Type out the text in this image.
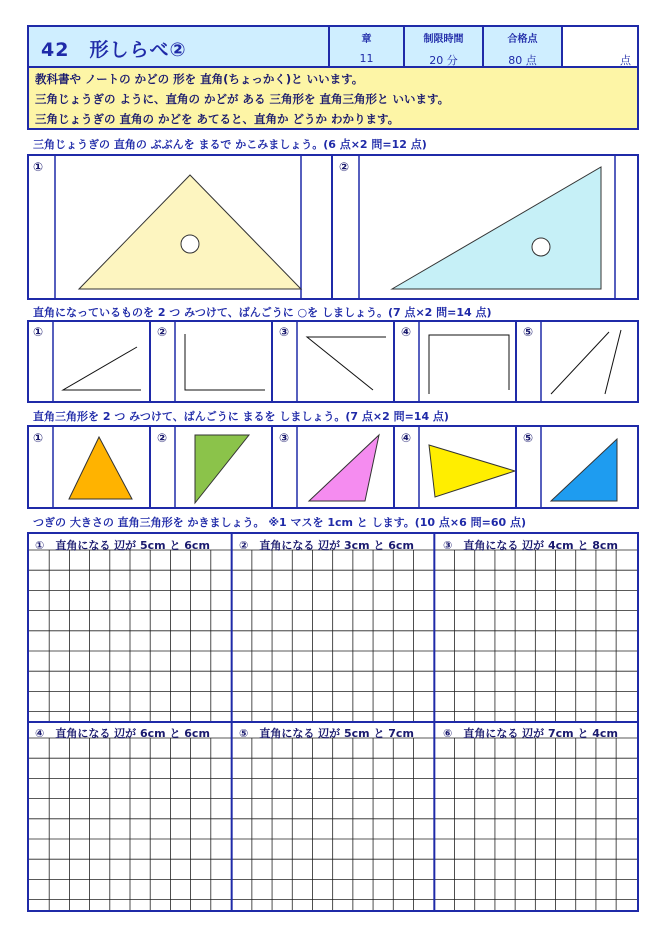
42　形しらべ②	章
11
制限時間
20 分
合格点
80 点	点
教科書や ノートの かどの 形を 直角(ちょっかく)と いいます。
三角じょうぎの ように、直角の かどが ある 三角形を 直角三角形と いいます。
三角じょうぎの 直角の かどを あてると、直角か どうか わかります。
三角じょうぎの 直角の ぶぶんを まるで かこみましょう。(6 点×2 問=12 点)
①	②
直角になっているものを 2 つ みつけて、ばんごうに ○を しましょう。(7 点×2 問=14 点)
①	②	③	④	⑤
直角三角形を 2 つ みつけて、ばんごうに まるを しましょう。(7 点×2 問=14 点)
①	②	③	④	⑤
つぎの 大きさの 直角三角形を かきましょう。 ※1 マスを 1cm と します。(10 点×6 問=60 点)
①　直角になる 辺が 5cm と 6cm	②　直角になる 辺が 3cm と 6cm	③　直角になる 辺が 4cm と 8cm
④　直角になる 辺が 6cm と 6cm	⑤　直角になる 辺が 5cm と 7cm	⑥　直角になる 辺が 7cm と 4cm
